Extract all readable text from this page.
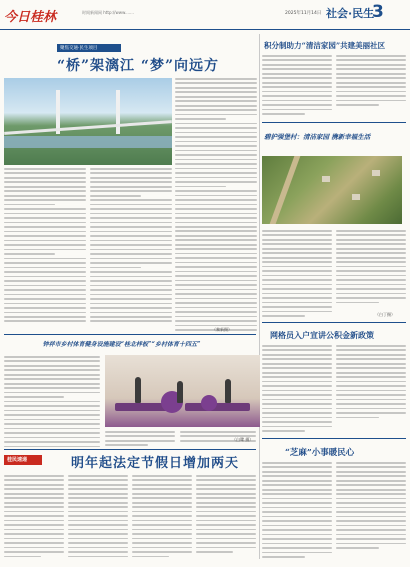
今日桂林	时间新闻网 http://www.......	2025年11月14日 社会·民生
3
聚焦交通·民生项目
“桥”架漓江 “梦”向远方
（黎新摄）
积分制助力“清洁家园”共建美丽社区
碧护强堡村：清洁家园 携新幸福生活
（白丁摄）
网格员入户宣讲公积金新政策
“芝麻”小事暖民心
钟祥市乡村体育健身设施建设“桂北样板”“乡村体育十四五”
（白鹭 摄）
桂民速递	明年起法定节假日增加两天
